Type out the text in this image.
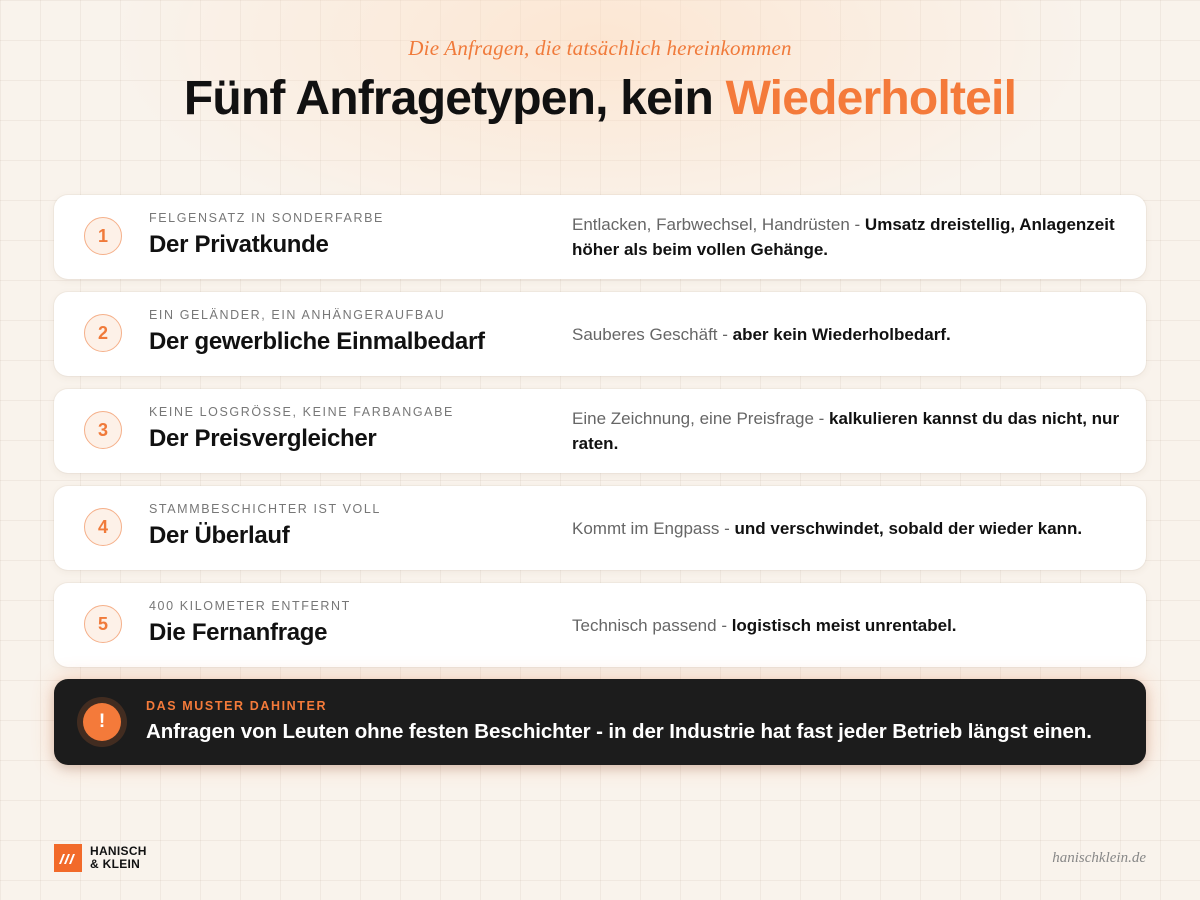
Die Anfragen, die tatsächlich hereinkommen
Fünf Anfragetypen, kein Wiederholteil
1
FELGENSATZ IN SONDERFARBE
Der Privatkunde
Entlacken, Farbwechsel, Handrüsten - Umsatz dreistellig, Anlagenzeit höher als beim vollen Gehänge.
2
EIN GELÄNDER, EIN ANHÄNGERAUFBAU
Der gewerbliche Einmalbedarf	Sauberes Geschäft - aber kein Wiederholbedarf.
3
KEINE LOSGRÖSSE, KEINE FARBANGABE
Der Preisvergleicher
Eine Zeichnung, eine Preisfrage - kalkulieren kannst du das nicht, nur raten.
4
STAMMBESCHICHTER IST VOLL
Der Überlauf	Kommt im Engpass - und verschwindet, sobald der wieder kann.
5
400 KILOMETER ENTFERNT
Die Fernanfrage	Technisch passend - logistisch meist unrentabel.
!
DAS MUSTER DAHINTER
Anfragen von Leuten ohne festen Beschichter - in der Industrie hat fast jeder Betrieb längst einen.
HANISCH
& KLEIN	hanischklein.de
